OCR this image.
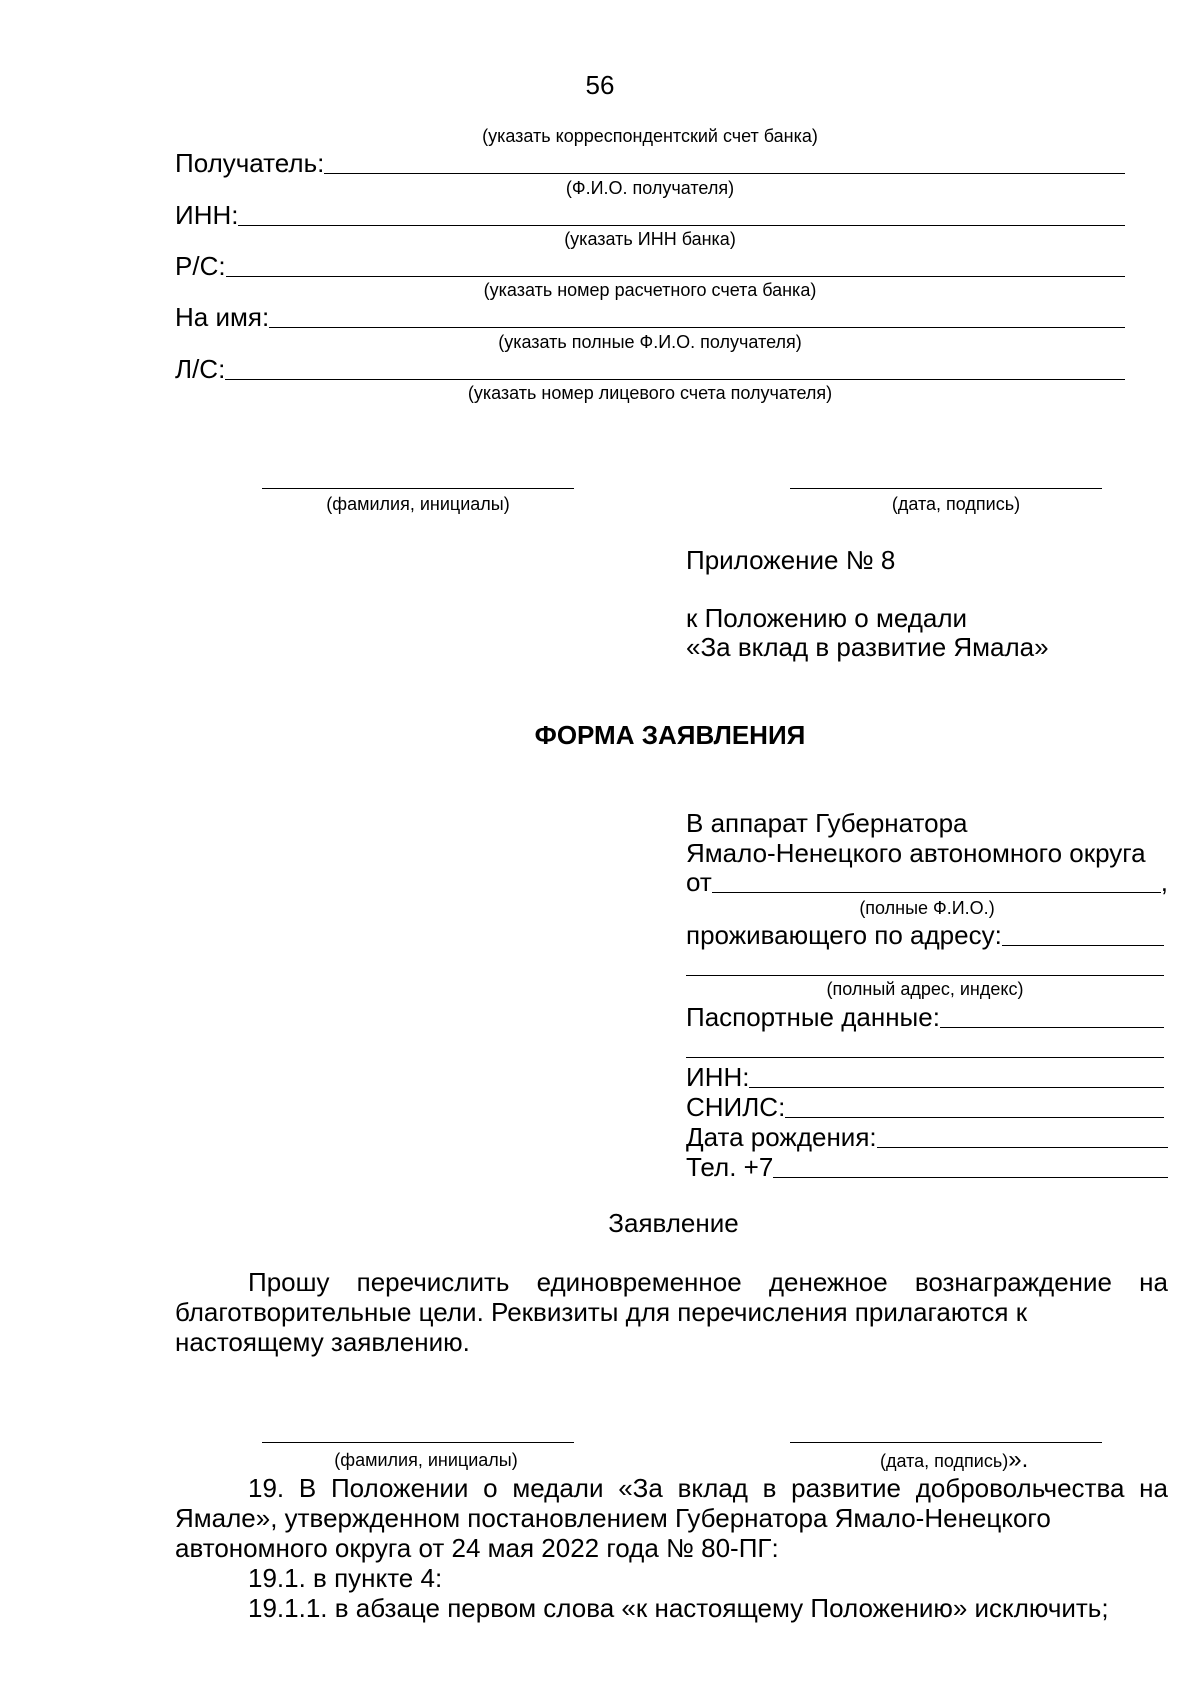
56
(указать корреспондентский счет банка)
Получатель:
(Ф.И.О. получателя)
ИНН:
(указать ИНН банка)
Р/С:
(указать номер расчетного счета банка)
На имя:
(указать полные Ф.И.О. получателя)
Л/С:
(указать номер лицевого счета получателя)
(фамилия, инициалы)	(дата, подпись)
Приложение № 8
к Положению о медали
«За вклад в развитие Ямала»
ФОРМА ЗАЯВЛЕНИЯ
В аппарат Губернатора
Ямало-Ненецкого автономного округа
от	,
(полные Ф.И.О.)
проживающего по адресу:
(полный адрес, индекс)
Паспортные данные:
ИНН:
СНИЛС:
Дата рождения:
Тел. +7
Заявление
Прошу перечислить единовременное денежное вознаграждение на благотворительные цели. Реквизиты для перечисления прилагаются к
настоящему заявлению.
(фамилия, инициалы)	(дата, подпись)».
19. В Положении о медали «За вклад в развитие добровольчества на Ямале», утвержденном постановлением Губернатора Ямало-Ненецкого
автономного округа от 24 мая 2022 года № 80-ПГ:
19.1. в пункте 4:
19.1.1. в абзаце первом слова «к настоящему Положению» исключить;
